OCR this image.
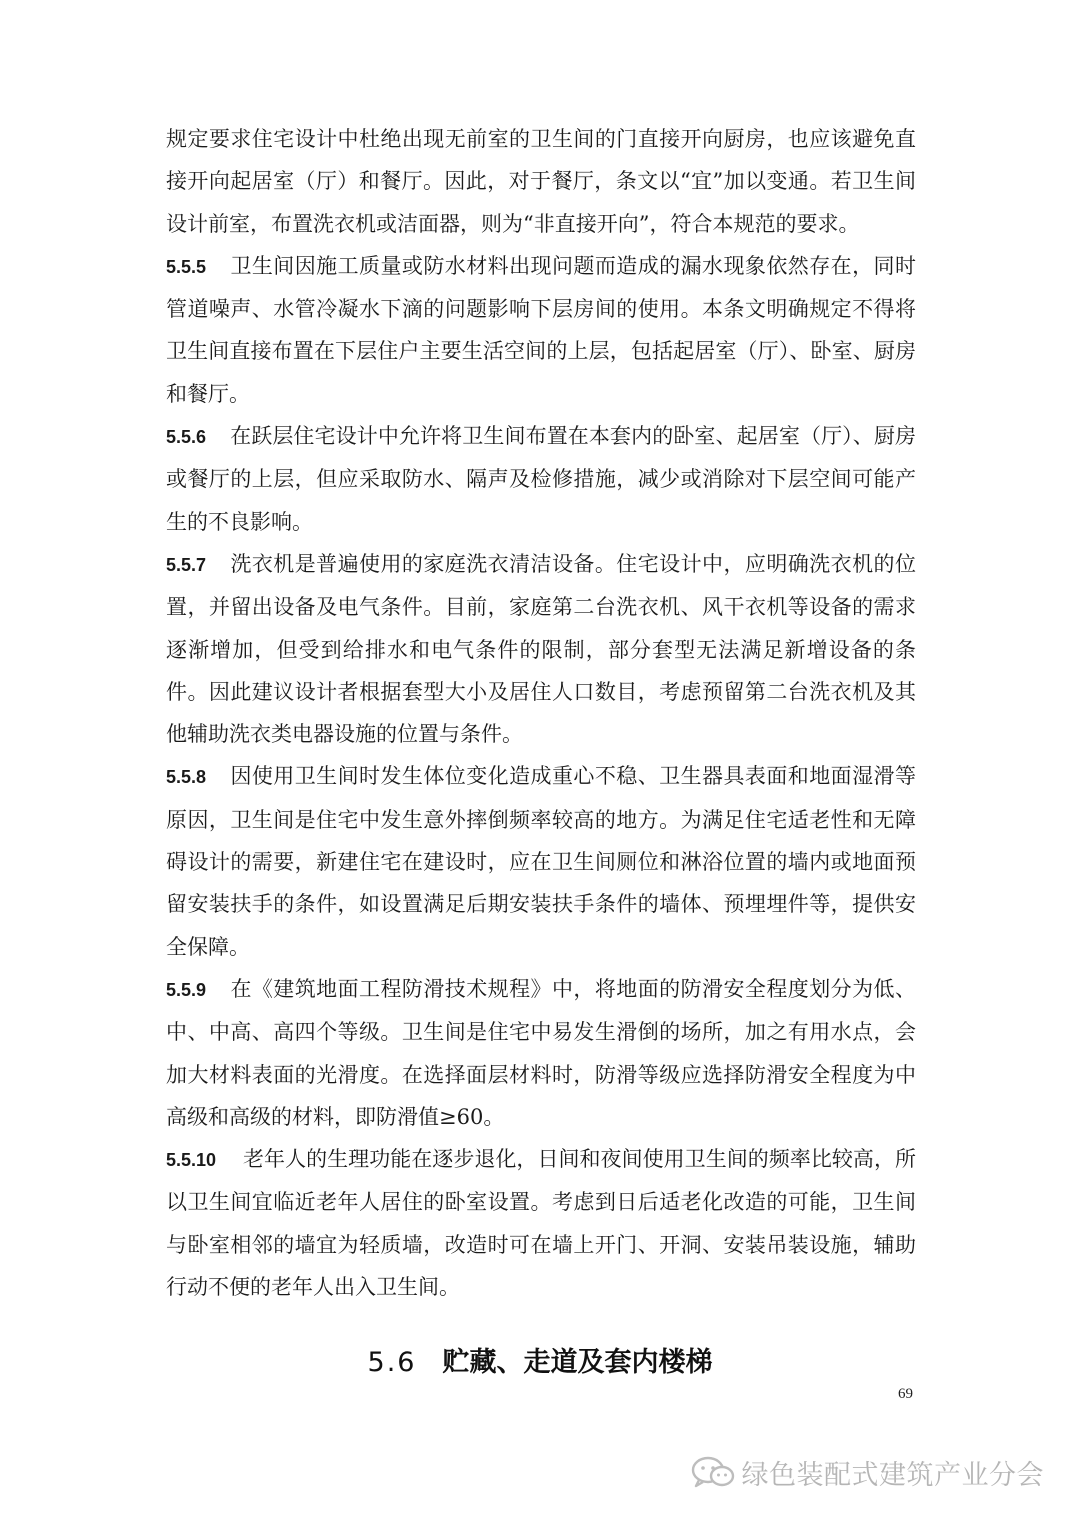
规定要求住宅设计中杜绝出现无前室的卫生间的门直接开向厨房，也应该避免直接开向起居室（厅）和餐厅。因此，对于餐厅，条文以“宜”加以变通。若卫生间设计前室，布置洗衣机或洁面器，则为“非直接开向”，符合本规范的要求。

5.5.5 卫生间因施工质量或防水材料出现问题而造成的漏水现象依然存在，同时管道噪声、水管冷凝水下滴的问题影响下层房间的使用。本条文明确规定不得将卫生间直接布置在下层住户主要生活空间的上层，包括起居室（厅）、卧室、厨房和餐厅。

5.5.6 在跃层住宅设计中允许将卫生间布置在本套内的卧室、起居室（厅）、厨房或餐厅的上层，但应采取防水、隔声及检修措施，减少或消除对下层空间可能产生的不良影响。

5.5.7 洗衣机是普遍使用的家庭洗衣清洁设备。住宅设计中，应明确洗衣机的位置，并留出设备及电气条件。目前，家庭第二台洗衣机、风干衣机等设备的需求逐渐增加，但受到给排水和电气条件的限制，部分套型无法满足新增设备的条件。因此建议设计者根据套型大小及居住人口数目，考虑预留第二台洗衣机及其他辅助洗衣类电器设施的位置与条件。

5.5.8 因使用卫生间时发生体位变化造成重心不稳、卫生器具表面和地面湿滑等原因，卫生间是住宅中发生意外摔倒频率较高的地方。为满足住宅适老性和无障碍设计的需要，新建住宅在建设时，应在卫生间厕位和淋浴位置的墙内或地面预留安装扶手的条件，如设置满足后期安装扶手条件的墙体、预埋埋件等，提供安全保障。

5.5.9 在《建筑地面工程防滑技术规程》中，将地面的防滑安全程度划分为低、中、中高、高四个等级。卫生间是住宅中易发生滑倒的场所，加之有用水点，会加大材料表面的光滑度。在选择面层材料时，防滑等级应选择防滑安全程度为中高级和高级的材料，即防滑值≥60。

5.5.10 老年人的生理功能在逐步退化，日间和夜间使用卫生间的频率比较高，所以卫生间宜临近老年人居住的卧室设置。考虑到日后适老化改造的可能，卫生间与卧室相邻的墙宜为轻质墙，改造时可在墙上开门、开洞、安装吊装设施，辅助行动不便的老年人出入卫生间。

5.6 贮藏、走道及套内楼梯
69
绿色装配式建筑产业分会
